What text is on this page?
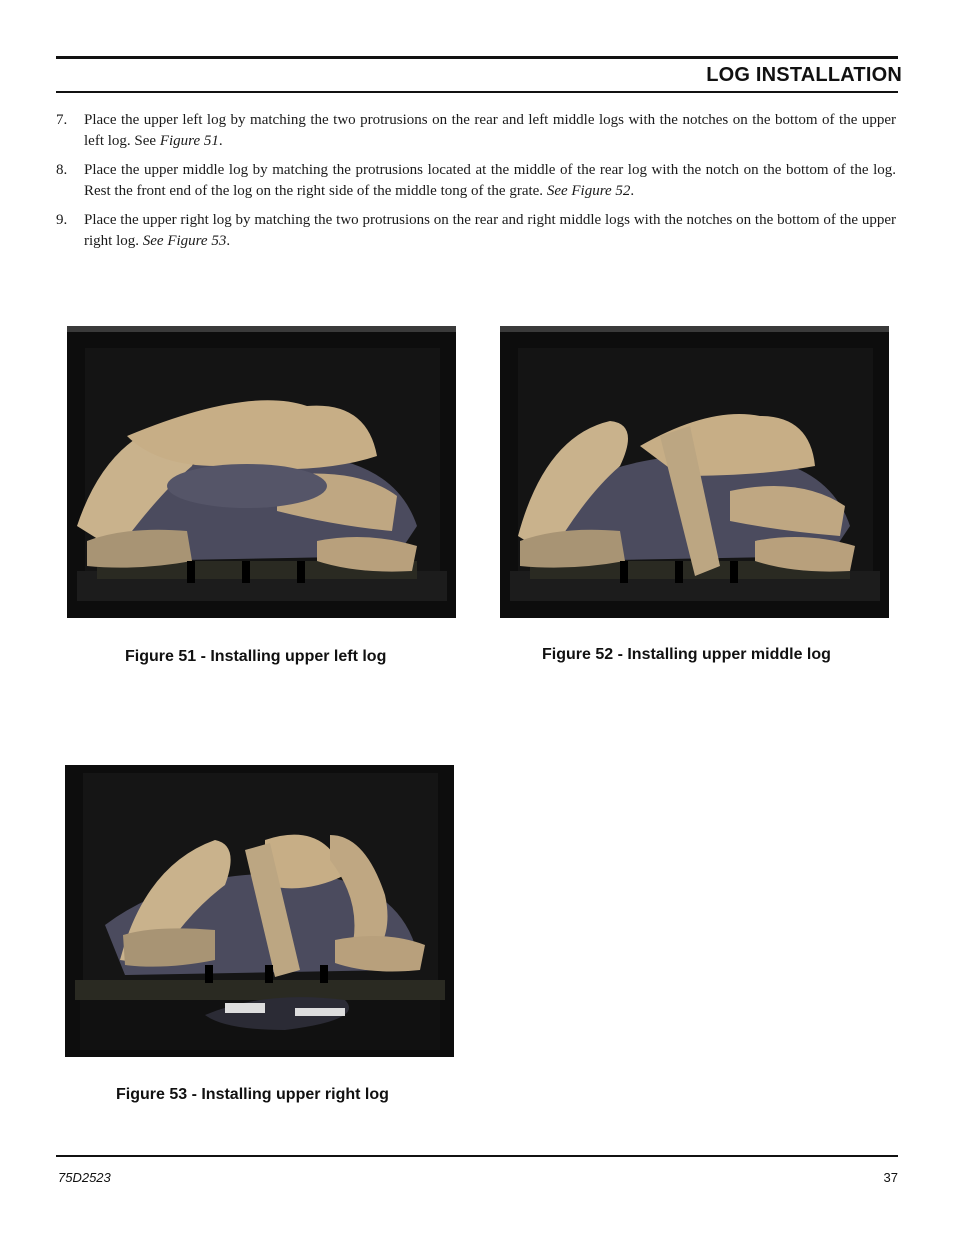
LOG INSTALLATION
7. Place the upper left log by matching the two protrusions on the rear and left middle logs with the notches on the bottom of the upper left log. See Figure 51.
8. Place the upper middle log by matching the protrusions located at the middle of the rear log with the notch on the bottom of the log. Rest the front end of the log on the right side of the middle tong of the grate. See Figure 52.
9. Place the upper right log by matching the two protrusions on the rear and right middle logs with the notches on the bottom of the upper right log. See Figure 53.
Figure 51 - Installing upper left log	Figure 52 - Installing upper middle log
Figure 53 - Installing upper right log
75D2523	37
